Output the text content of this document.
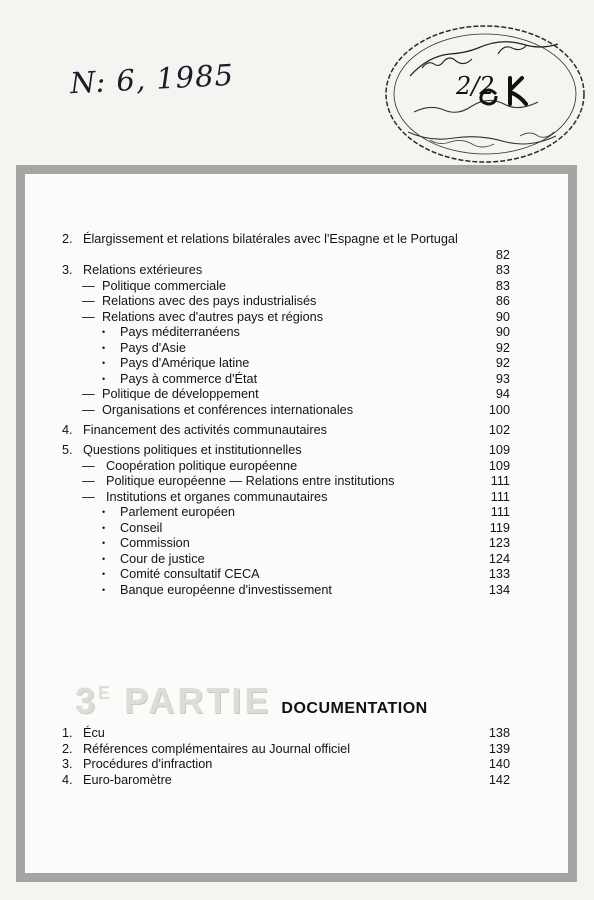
N: 6, 1985	2/2
2. Élargissement et relations bilatérales avec l'Espagne et le Portugal
82
3. Relations extérieures	83
— Politique commerciale	83
— Relations avec des pays industrialisés	86
— Relations avec d'autres pays et régions	90
• Pays méditerranéens	90
• Pays d'Asie	92
• Pays d'Amérique latine	92
• Pays à commerce d'État	93
— Politique de développement	94
— Organisations et conférences internationales	100
4. Financement des activités communautaires	102
5. Questions politiques et institutionnelles	109
— Coopération politique européenne	109
— Politique européenne — Relations entre institutions	111
— Institutions et organes communautaires	111
• Parlement européen	111
• Conseil	119
• Commission	123
• Cour de justice	124
• Comité consultatif CECA	133
• Banque européenne d'investissement	134
3 E PARTIE DOCUMENTATION
1. Écu	138
2. Références complémentaires au Journal officiel	139
3. Procédures d'infraction	140
4. Euro-baromètre	142
